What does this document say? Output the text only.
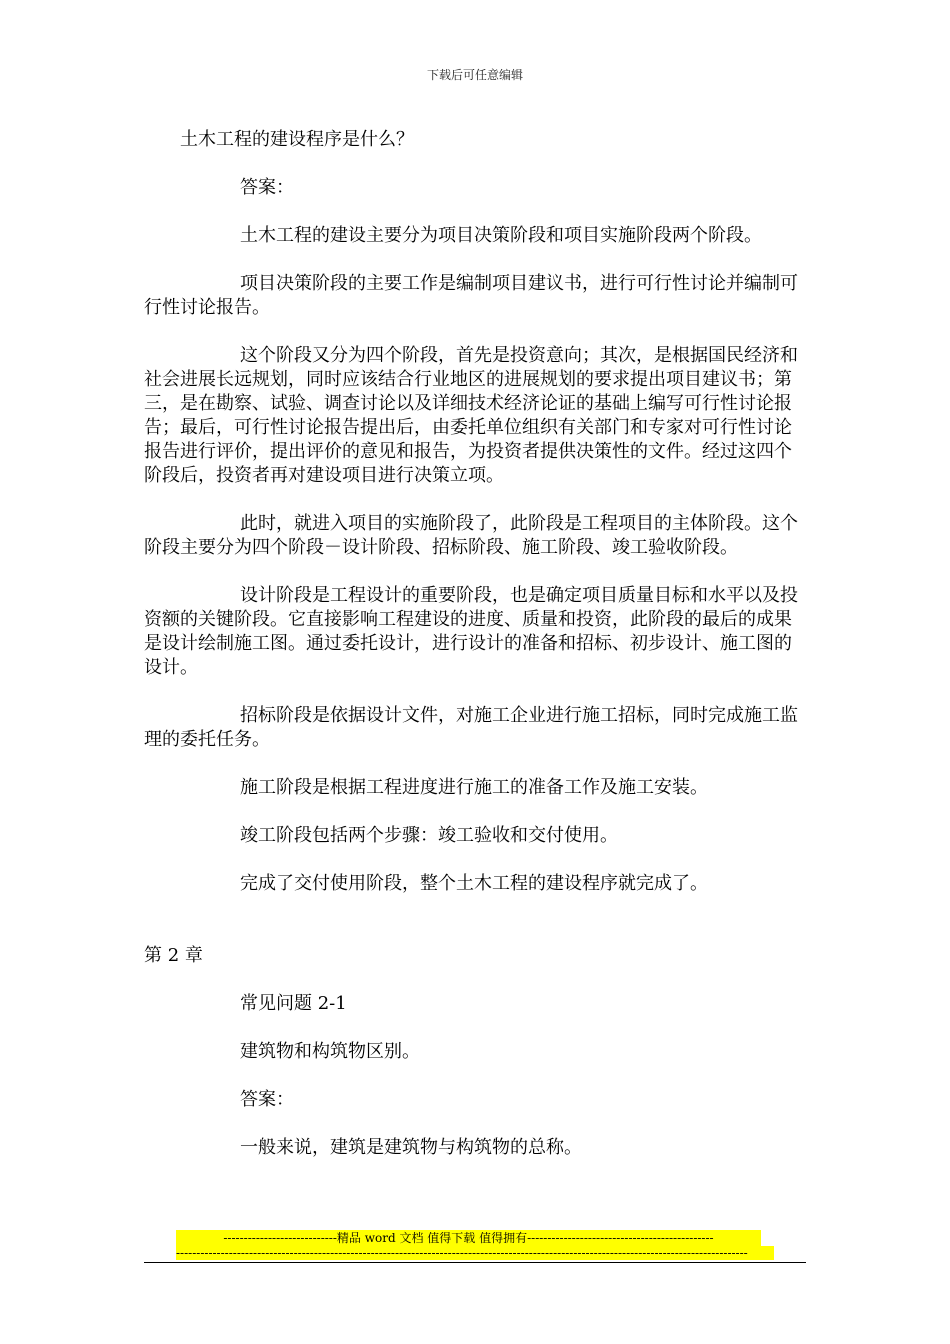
下载后可任意编辑

土木工程的建设程序是什么？

答案：

土木工程的建设主要分为项目决策阶段和项目实施阶段两个阶段。

项目决策阶段的主要工作是编制项目建议书，进行可行性讨论并编制可行性讨论报告。

这个阶段又分为四个阶段，首先是投资意向；其次，是根据国民经济和社会进展长远规划，同时应该结合行业地区的进展规划的要求提出项目建议书；第三，是在勘察、试验、调查讨论以及详细技术经济论证的基础上编写可行性讨论报告；最后，可行性讨论报告提出后，由委托单位组织有关部门和专家对可行性讨论报告进行评价，提出评价的意见和报告，为投资者提供决策性的文件。经过这四个阶段后，投资者再对建设项目进行决策立项。

此时，就进入项目的实施阶段了，此阶段是工程项目的主体阶段。这个阶段主要分为四个阶段－设计阶段、招标阶段、施工阶段、竣工验收阶段。

设计阶段是工程设计的重要阶段，也是确定项目质量目标和水平以及投资额的关键阶段。它直接影响工程建设的进度、质量和投资，此阶段的最后的成果是设计绘制施工图。通过委托设计，进行设计的准备和招标、初步设计、施工图的设计。

招标阶段是依据设计文件，对施工企业进行施工招标，同时完成施工监理的委托任务。

施工阶段是根据工程进度进行施工的准备工作及施工安装。

竣工阶段包括两个步骤：竣工验收和交付使用。

完成了交付使用阶段，整个土木工程的建设程序就完成了。

第 2 章

常见问题 2-1

建筑物和构筑物区别。

答案：

一般来说，建筑是建筑物与构筑物的总称。

----------------------------精品 word 文档 值得下载 值得拥有----------------------------------------------
---------------------------------------------------------------------------------------------------------------------------------------------
